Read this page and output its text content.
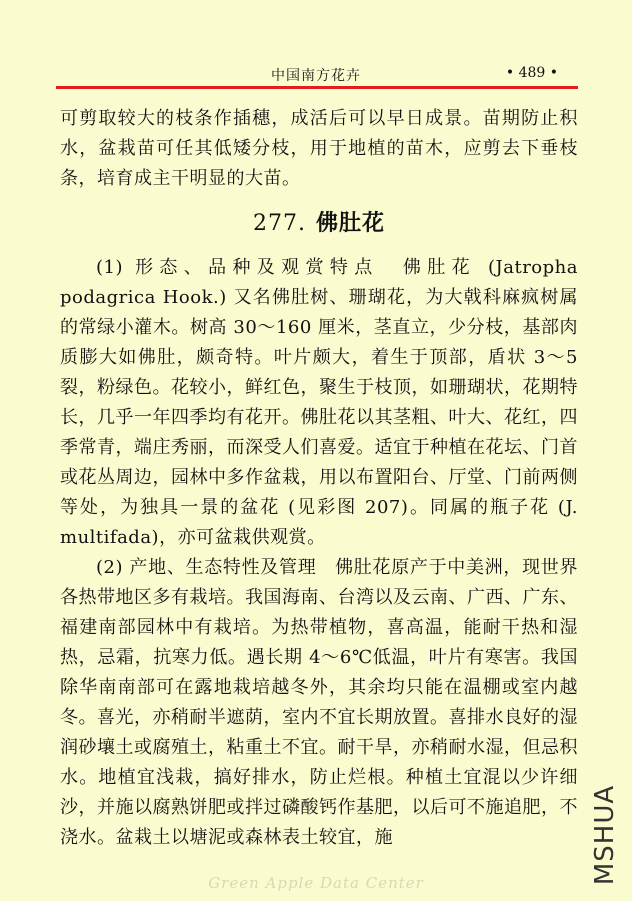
中国南方花卉	• 489 •

可剪取较大的枝条作插穗，成活后可以早日成景。苗期防止积水，盆栽苗可任其低矮分枝，用于地植的苗木，应剪去下垂枝条，培育成主干明显的大苗。

277. 佛肚花

(1) 形态、品种及观赏特点　佛肚花 (Jatropha podagrica Hook.) 又名佛肚树、珊瑚花，为大戟科麻疯树属的常绿小灌木。树高 30～160 厘米，茎直立，少分枝，基部肉质膨大如佛肚，颇奇特。叶片颇大，着生于顶部，盾状 3～5 裂，粉绿色。花较小，鲜红色，聚生于枝顶，如珊瑚状，花期特长，几乎一年四季均有花开。佛肚花以其茎粗、叶大、花红，四季常青，端庄秀丽，而深受人们喜爱。适宜于种植在花坛、门首或花丛周边，园林中多作盆栽，用以布置阳台、厅堂、门前两侧等处，为独具一景的盆花 (见彩图 207)。同属的瓶子花 (J. multifada)，亦可盆栽供观赏。

(2) 产地、生态特性及管理　佛肚花原产于中美洲，现世界各热带地区多有栽培。我国海南、台湾以及云南、广西、广东、福建南部园林中有栽培。为热带植物，喜高温，能耐干热和湿热，忌霜，抗寒力低。遇长期 4～6℃低温，叶片有寒害。我国除华南南部可在露地栽培越冬外，其余均只能在温棚或室内越冬。喜光，亦稍耐半遮荫，室内不宜长期放置。喜排水良好的湿润砂壤土或腐殖土，粘重土不宜。耐干旱，亦稍耐水湿，但忌积水。地植宜浅栽，搞好排水，防止烂根。种植土宜混以少许细沙，并施以腐熟饼肥或拌过磷酸钙作基肥，以后可不施追肥，不浇水。盆栽土以塘泥或森林表土较宜，施

Green Apple Data Center	MSHUA
